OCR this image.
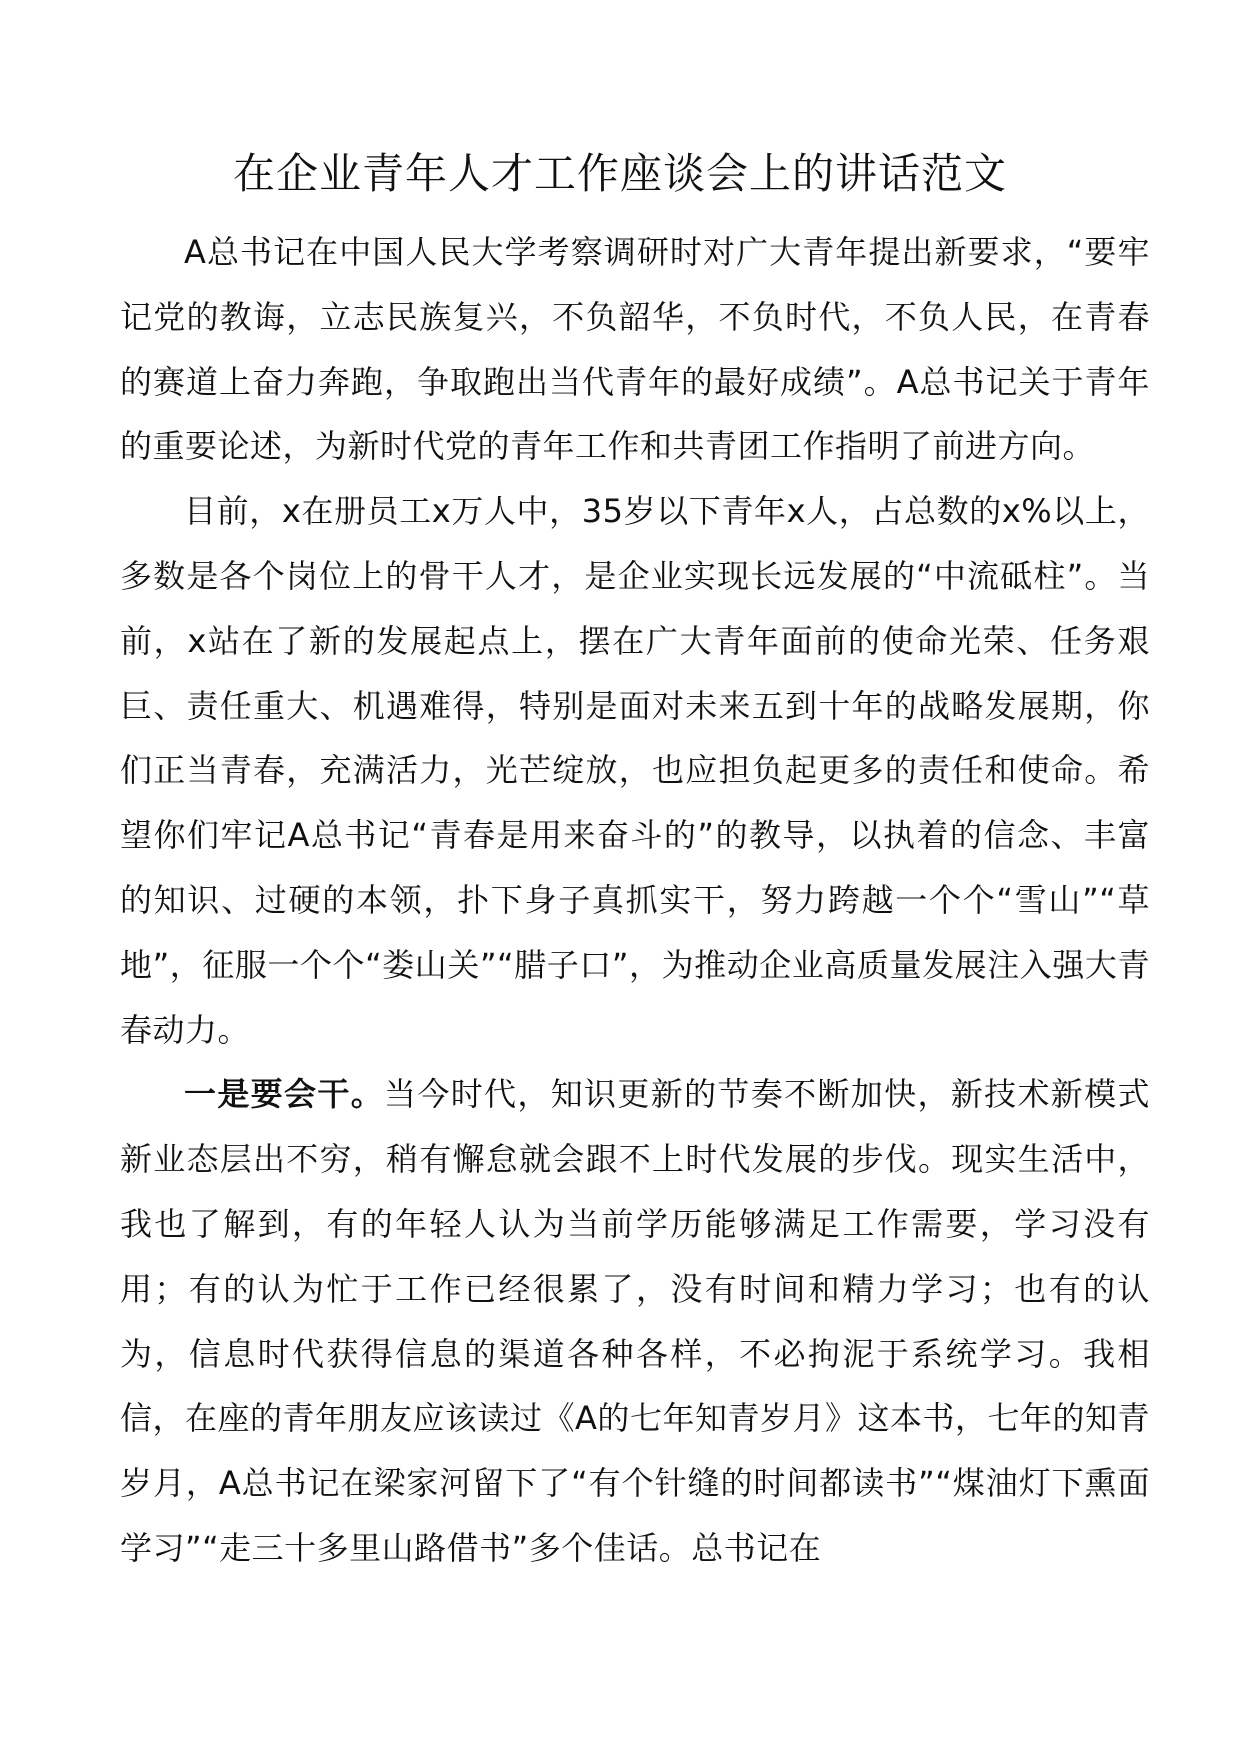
在企业青年人才工作座谈会上的讲话范文

A总书记在中国人民大学考察调研时对广大青年提出新要求，“要牢记党的教诲，立志民族复兴，不负韶华，不负时代，不负人民，在青春的赛道上奋力奔跑，争取跑出当代青年的最好成绩”。A总书记关于青年的重要论述，为新时代党的青年工作和共青团工作指明了前进方向。

目前，x在册员工x万人中，35岁以下青年x人，占总数的x%以上，多数是各个岗位上的骨干人才，是企业实现长远发展的“中流砥柱”。当前，x站在了新的发展起点上，摆在广大青年面前的使命光荣、任务艰巨、责任重大、机遇难得，特别是面对未来五到十年的战略发展期，你们正当青春，充满活力，光芒绽放，也应担负起更多的责任和使命。希望你们牢记A总书记“青春是用来奋斗的”的教导，以执着的信念、丰富的知识、过硬的本领，扑下身子真抓实干，努力跨越一个个“雪山”“草地”，征服一个个“娄山关”“腊子口”，为推动企业高质量发展注入强大青春动力。

一是要会干。当今时代，知识更新的节奏不断加快，新技术新模式新业态层出不穷，稍有懈怠就会跟不上时代发展的步伐。现实生活中，我也了解到，有的年轻人认为当前学历能够满足工作需要，学习没有用；有的认为忙于工作已经很累了，没有时间和精力学习；也有的认为，信息时代获得信息的渠道各种各样，不必拘泥于系统学习。我相信，在座的青年朋友应该读过《A的七年知青岁月》这本书，七年的知青岁月，A总书记在梁家河留下了“有个针缝的时间都读书”“煤油灯下熏面学习”“走三十多里山路借书”多个佳话。总书记在
